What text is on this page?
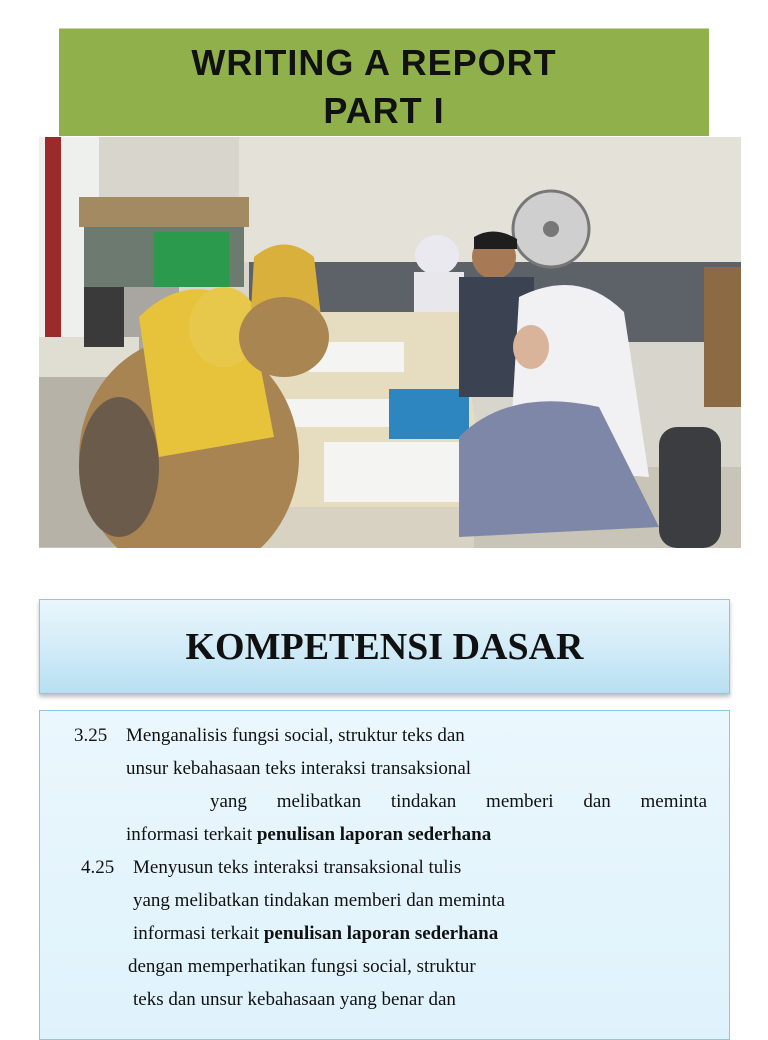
WRITING A REPORT
PART I
KOMPETENSI DASAR
3.25 Menganalisis fungsi social, struktur teks dan
unsur kebahasaan teks interaksi transaksional
yang melibatkan tindakan memberi dan meminta
informasi terkait penulisan laporan sederhana
4.25 Menyusun teks interaksi transaksional tulis
yang melibatkan tindakan memberi dan meminta
informasi terkait penulisan laporan sederhana
dengan memperhatikan fungsi social, struktur
teks dan unsur kebahasaan yang benar dan
